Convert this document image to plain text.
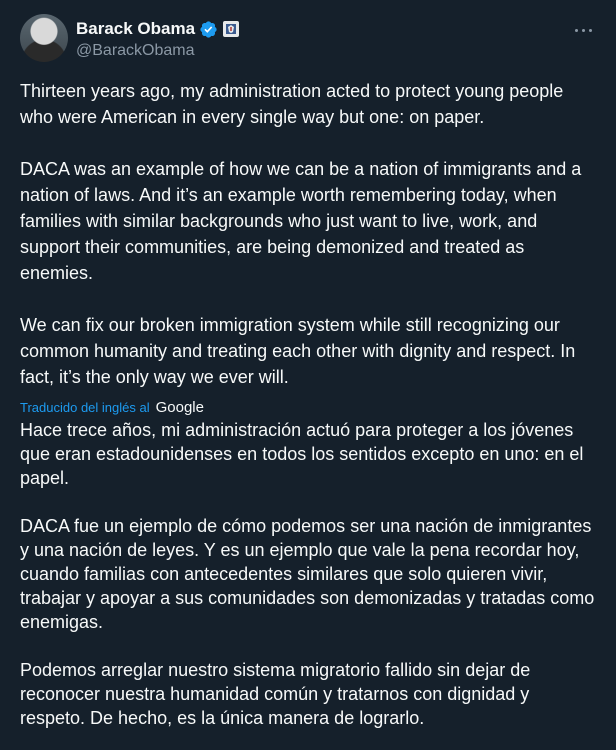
Barack Obama
@BarackObama

Thirteen years ago, my administration acted to protect young people who were American in every single way but one: on paper.

DACA was an example of how we can be a nation of immigrants and a nation of laws. And it’s an example worth remembering today, when families with similar backgrounds who just want to live, work, and support their communities, are being demonized and treated as enemies.

We can fix our broken immigration system while still recognizing our common humanity and treating each other with dignity and respect. In fact, it’s the only way we ever will.

Traducido del inglés al Google

Hace trece años, mi administración actuó para proteger a los jóvenes que eran estadounidenses en todos los sentidos excepto en uno: en el papel.

DACA fue un ejemplo de cómo podemos ser una nación de inmigrantes y una nación de leyes. Y es un ejemplo que vale la pena recordar hoy, cuando familias con antecedentes similares que solo quieren vivir, trabajar y apoyar a sus comunidades son demonizadas y tratadas como enemigas.

Podemos arreglar nuestro sistema migratorio fallido sin dejar de reconocer nuestra humanidad común y tratarnos con dignidad y respeto. De hecho, es la única manera de lograrlo.
